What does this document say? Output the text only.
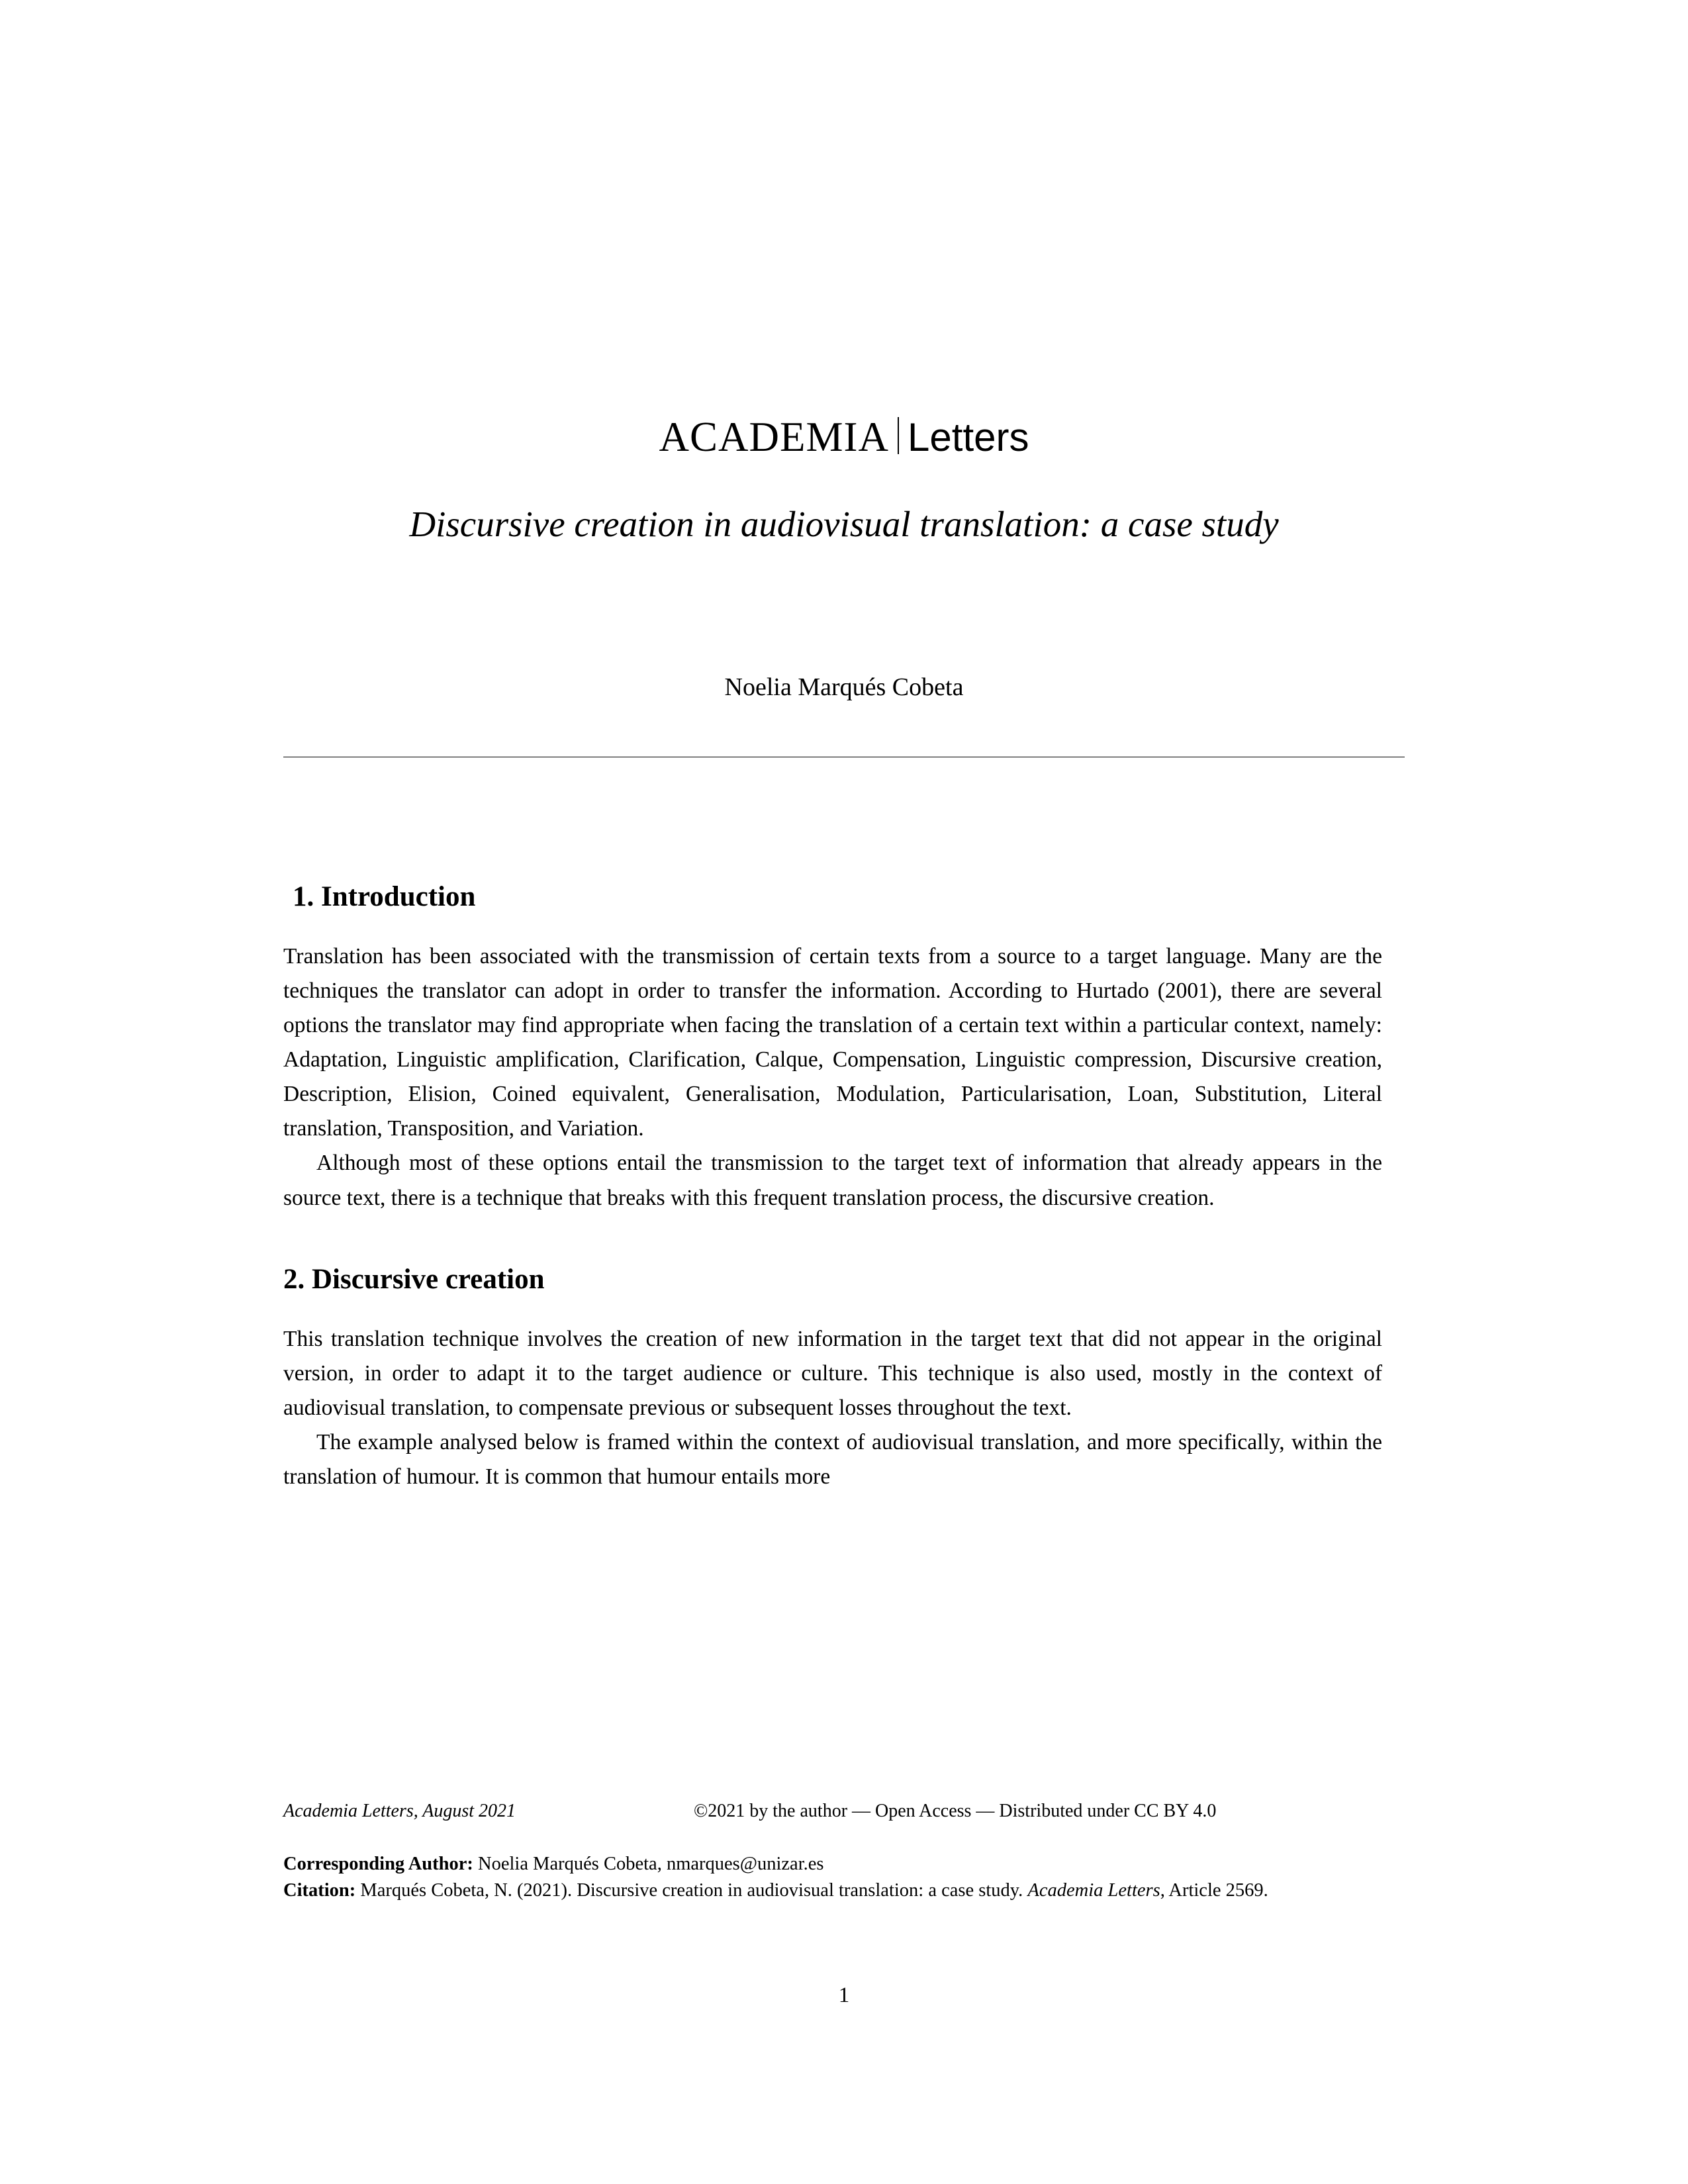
ACADEMIA Letters
Discursive creation in audiovisual translation: a case study
Noelia Marqués Cobeta
1. Introduction

Translation has been associated with the transmission of certain texts from a source to a target language. Many are the techniques the translator can adopt in order to transfer the information. According to Hurtado (2001), there are several options the translator may find appropriate when facing the translation of a certain text within a particular context, namely: Adaptation, Linguistic amplification, Clarification, Calque, Compensation, Linguistic compression, Discursive creation, Description, Elision, Coined equivalent, Generalisation, Modulation, Particularisation, Loan, Substitution, Literal translation, Transposition, and Variation.

Although most of these options entail the transmission to the target text of information that already appears in the source text, there is a technique that breaks with this frequent translation process, the discursive creation.

2. Discursive creation

This translation technique involves the creation of new information in the target text that did not appear in the original version, in order to adapt it to the target audience or culture. This technique is also used, mostly in the context of audiovisual translation, to compensate previous or subsequent losses throughout the text.

The example analysed below is framed within the context of audiovisual translation, and more specifically, within the translation of humour. It is common that humour entails more

Academia Letters, August 2021	©2021 by the author — Open Access — Distributed under CC BY 4.0
Corresponding Author: Noelia Marqués Cobeta, nmarques@unizar.es
Citation: Marqués Cobeta, N. (2021). Discursive creation in audiovisual translation: a case study. Academia Letters, Article 2569.
1
